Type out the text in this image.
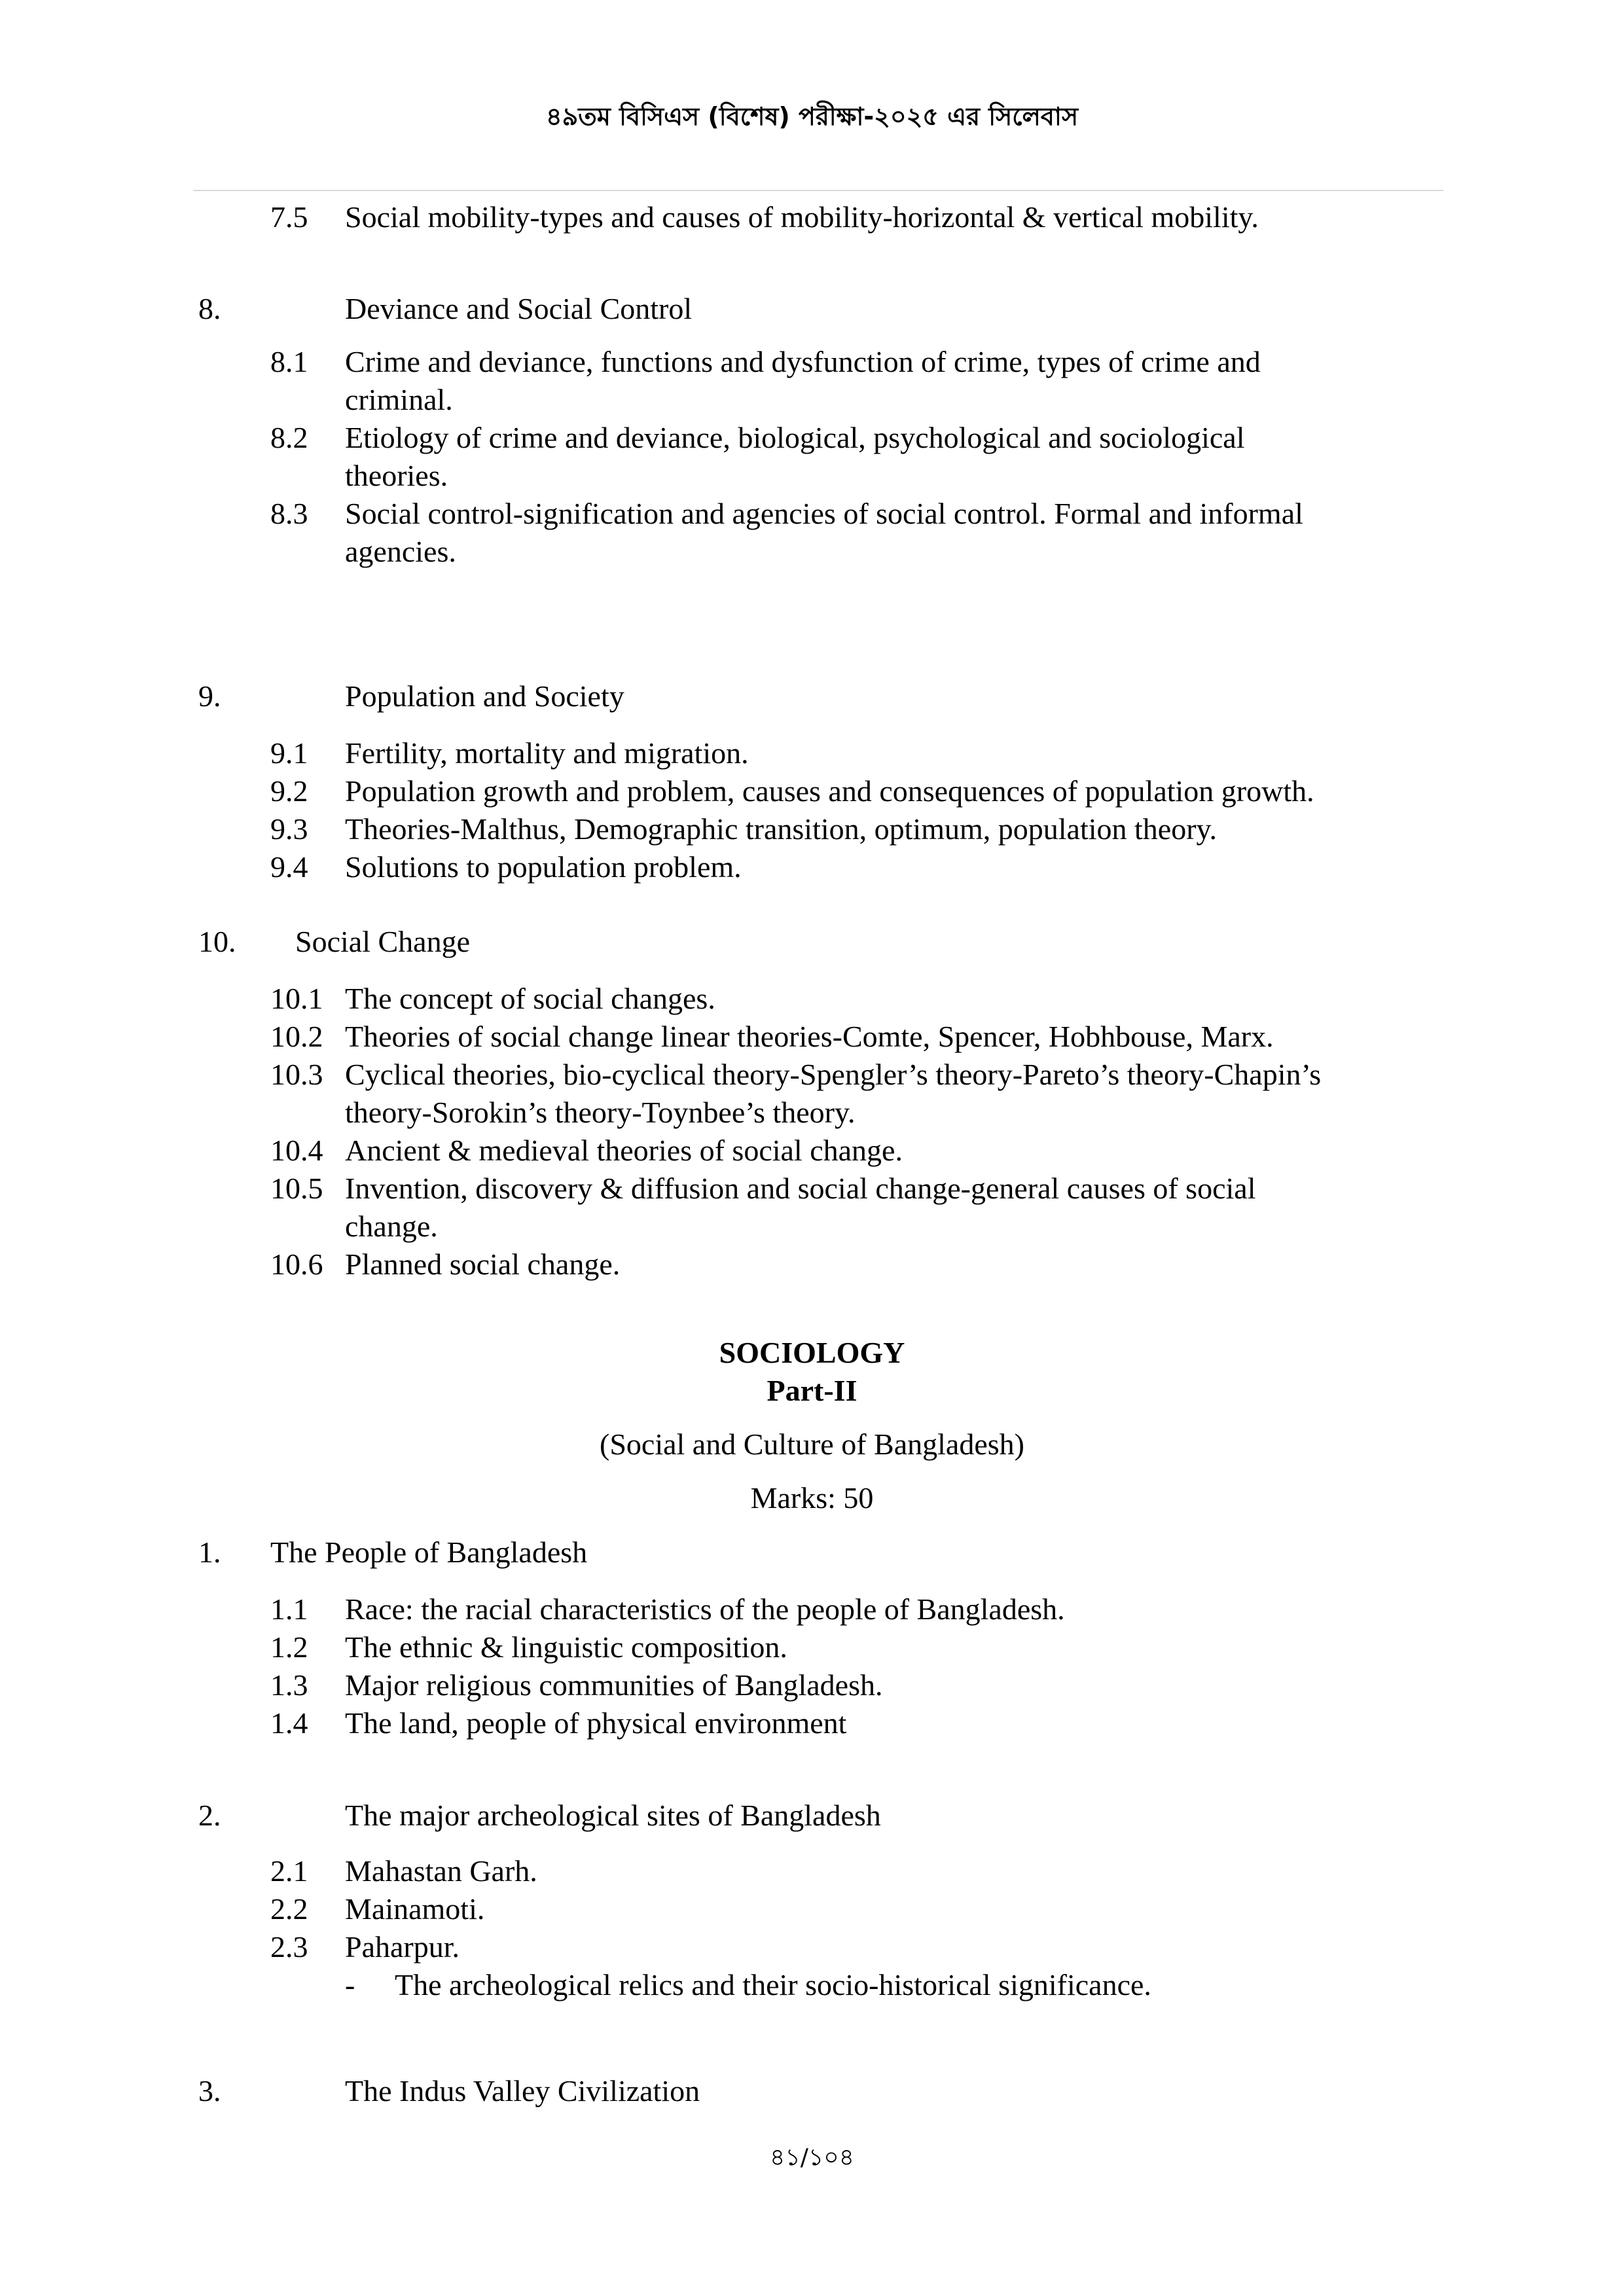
৪৯তম বিসিএস (বিশেষ) পরীক্ষা-২০২৫ এর সিলেবাস
7.5 Social mobility-types and causes of mobility-horizontal & vertical mobility.
8.	Deviance and Social Control
8.1 Crime and deviance, functions and dysfunction of crime, types of crime and
criminal.
8.2 Etiology of crime and deviance, biological, psychological and sociological
theories.
8.3 Social control-signification and agencies of social control. Formal and informal
agencies.
9.	Population and Society
9.1 Fertility, mortality and migration.
9.2 Population growth and problem, causes and consequences of population growth.
9.3 Theories-Malthus, Demographic transition, optimum, population theory.
9.4 Solutions to population problem.
10. Social Change
10.1 The concept of social changes.
10.2 Theories of social change linear theories-Comte, Spencer, Hobhbouse, Marx.
10.3 Cyclical theories, bio-cyclical theory-Spengler’s theory-Pareto’s theory-Chapin’s
theory-Sorokin’s theory-Toynbee’s theory.
10.4 Ancient & medieval theories of social change.
10.5 Invention, discovery & diffusion and social change-general causes of social
change.
10.6 Planned social change.
SOCIOLOGY
Part-II
(Social and Culture of Bangladesh)
Marks: 50
1. The People of Bangladesh
1.1 Race: the racial characteristics of the people of Bangladesh.
1.2 The ethnic & linguistic composition.
1.3 Major religious communities of Bangladesh.
1.4 The land, people of physical environment
2.	The major archeological sites of Bangladesh
2.1 Mahastan Garh.
2.2 Mainamoti.
2.3 Paharpur.
- The archeological relics and their socio-historical significance.
3.	The Indus Valley Civilization
৪১/১০৪
